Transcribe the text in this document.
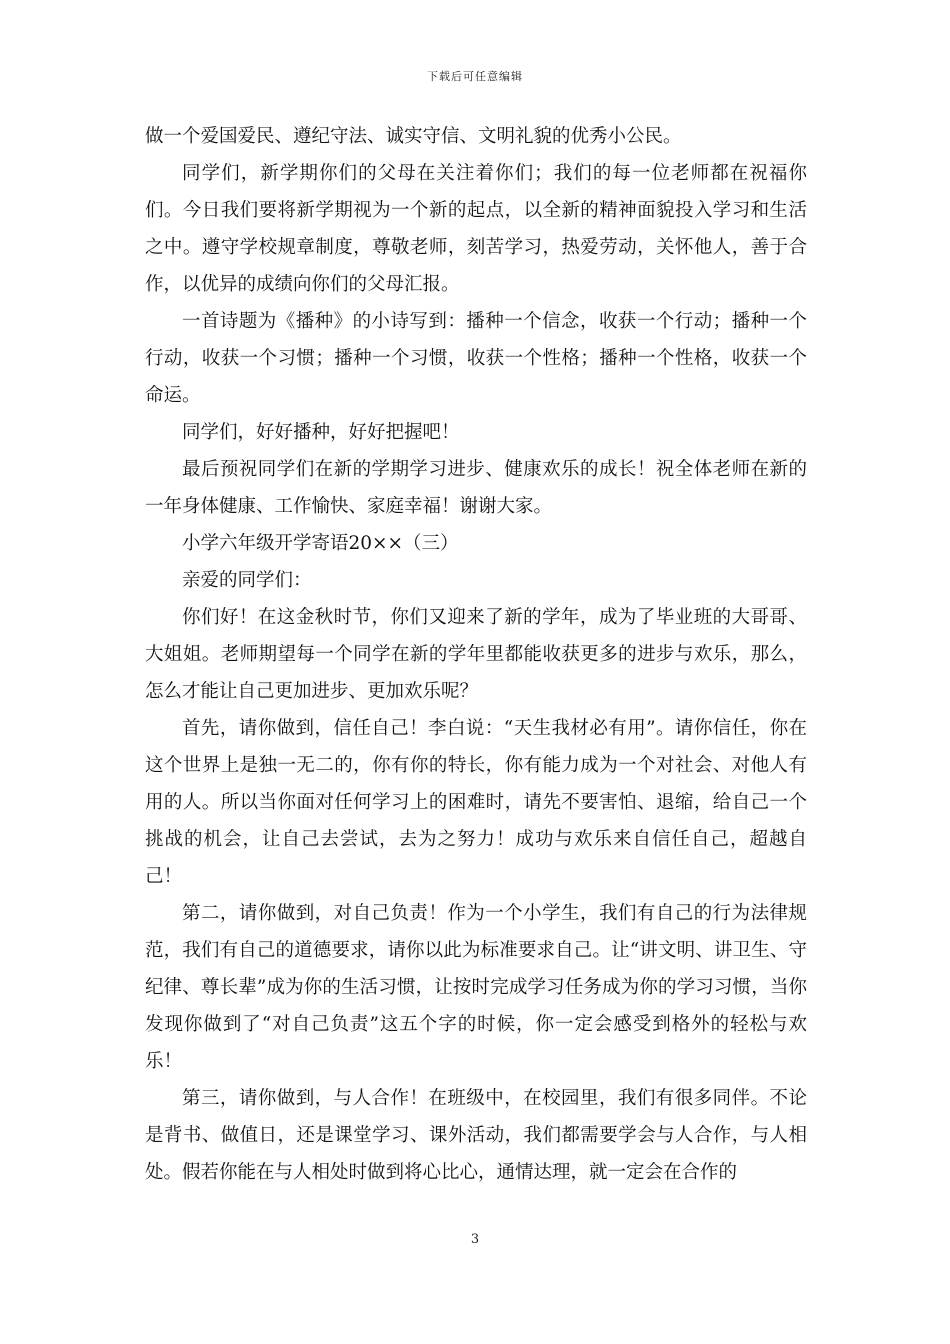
下载后可任意编辑

做一个爱国爱民、遵纪守法、诚实守信、文明礼貌的优秀小公民。

同学们，新学期你们的父母在关注着你们；我们的每一位老师都在祝福你们。今日我们要将新学期视为一个新的起点，以全新的精神面貌投入学习和生活之中。遵守学校规章制度，尊敬老师，刻苦学习，热爱劳动，关怀他人，善于合作，以优异的成绩向你们的父母汇报。

一首诗题为《播种》的小诗写到：播种一个信念，收获一个行动；播种一个行动，收获一个习惯；播种一个习惯，收获一个性格；播种一个性格，收获一个命运。

同学们，好好播种，好好把握吧！

最后预祝同学们在新的学期学习进步、健康欢乐的成长！祝全体老师在新的一年身体健康、工作愉快、家庭幸福！谢谢大家。

小学六年级开学寄语20××（三）

亲爱的同学们：

你们好！在这金秋时节，你们又迎来了新的学年，成为了毕业班的大哥哥、大姐姐。老师期望每一个同学在新的学年里都能收获更多的进步与欢乐，那么，怎么才能让自己更加进步、更加欢乐呢？

首先，请你做到，信任自己！李白说：“天生我材必有用”。请你信任，你在这个世界上是独一无二的，你有你的特长，你有能力成为一个对社会、对他人有用的人。所以当你面对任何学习上的困难时，请先不要害怕、退缩，给自己一个挑战的机会，让自己去尝试，去为之努力！成功与欢乐来自信任自己，超越自己！

第二，请你做到，对自己负责！作为一个小学生，我们有自己的行为法律规范，我们有自己的道德要求，请你以此为标准要求自己。让“讲文明、讲卫生、守纪律、尊长辈”成为你的生活习惯，让按时完成学习任务成为你的学习习惯，当你发现你做到了“对自己负责”这五个字的时候，你一定会感受到格外的轻松与欢乐！

第三，请你做到，与人合作！在班级中，在校园里，我们有很多同伴。不论是背书、做值日，还是课堂学习、课外活动，我们都需要学会与人合作，与人相处。假若你能在与人相处时做到将心比心，通情达理，就一定会在合作的

3
